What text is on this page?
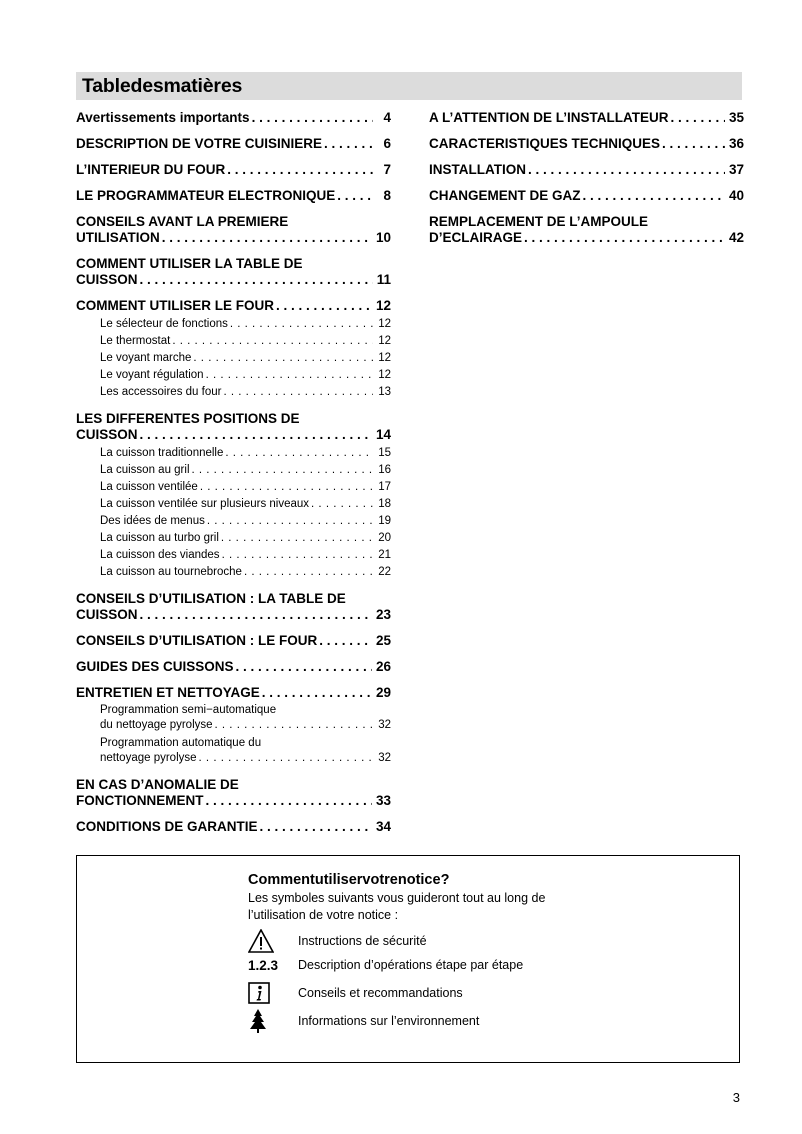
Tabledesmatières
Avertissements importants . . .	4
DESCRIPTION DE VOTRE CUISINIERE . . .	6
L’INTERIEUR DU FOUR . . .	7
LE PROGRAMMATEUR ELECTRONIQUE . . .	8
CONSEILS AVANT LA PREMIERE
UTILISATION . . .	10
COMMENT UTILISER LA TABLE DE
CUISSON . . .	11
COMMENT UTILISER LE FOUR . . .	12
Le sélecteur de fonctions . . .	12
Le thermostat . . .	12
Le voyant marche . . .	12
Le voyant régulation . . .	12
Les accessoires du four . . .	13
LES DIFFERENTES POSITIONS DE
CUISSON . . .	14
La cuisson traditionnelle . . .	15
La cuisson au gril . . .	16
La cuisson ventilée . . .	17
La cuisson ventilée sur plusieurs niveaux . . .	18
Des idées de menus . . .	19
La cuisson au turbo gril . . .	20
La cuisson des viandes . . .	21
La cuisson au tournebroche . . .	22
CONSEILS D’UTILISATION : LA TABLE DE
CUISSON . . .	23
CONSEILS D’UTILISATION : LE FOUR . . .	25
GUIDES DES CUISSONS . . .	26
ENTRETIEN ET NETTOYAGE . . .	29
Programmation semi−automatique
du nettoyage pyrolyse . . .	32
Programmation automatique du
nettoyage pyrolyse . . .	32
EN CAS D’ANOMALIE DE
FONCTIONNEMENT . . .	33
CONDITIONS DE GARANTIE . . .	34
A L’ATTENTION DE L’INSTALLATEUR . . .	35
CARACTERISTIQUES TECHNIQUES . . .	36
INSTALLATION . . .	37
CHANGEMENT DE GAZ . . .	40
REMPLACEMENT DE L’AMPOULE
D’ECLAIRAGE . . .	42
Commentutiliservotrenotice?
Les symboles suivants vous guideront tout au long de
l’utilisation de votre notice :
Instructions de sécurité
1.2.3 Description d’opérations étape par étape
Conseils et recommandations
Informations sur l’environnement
3
